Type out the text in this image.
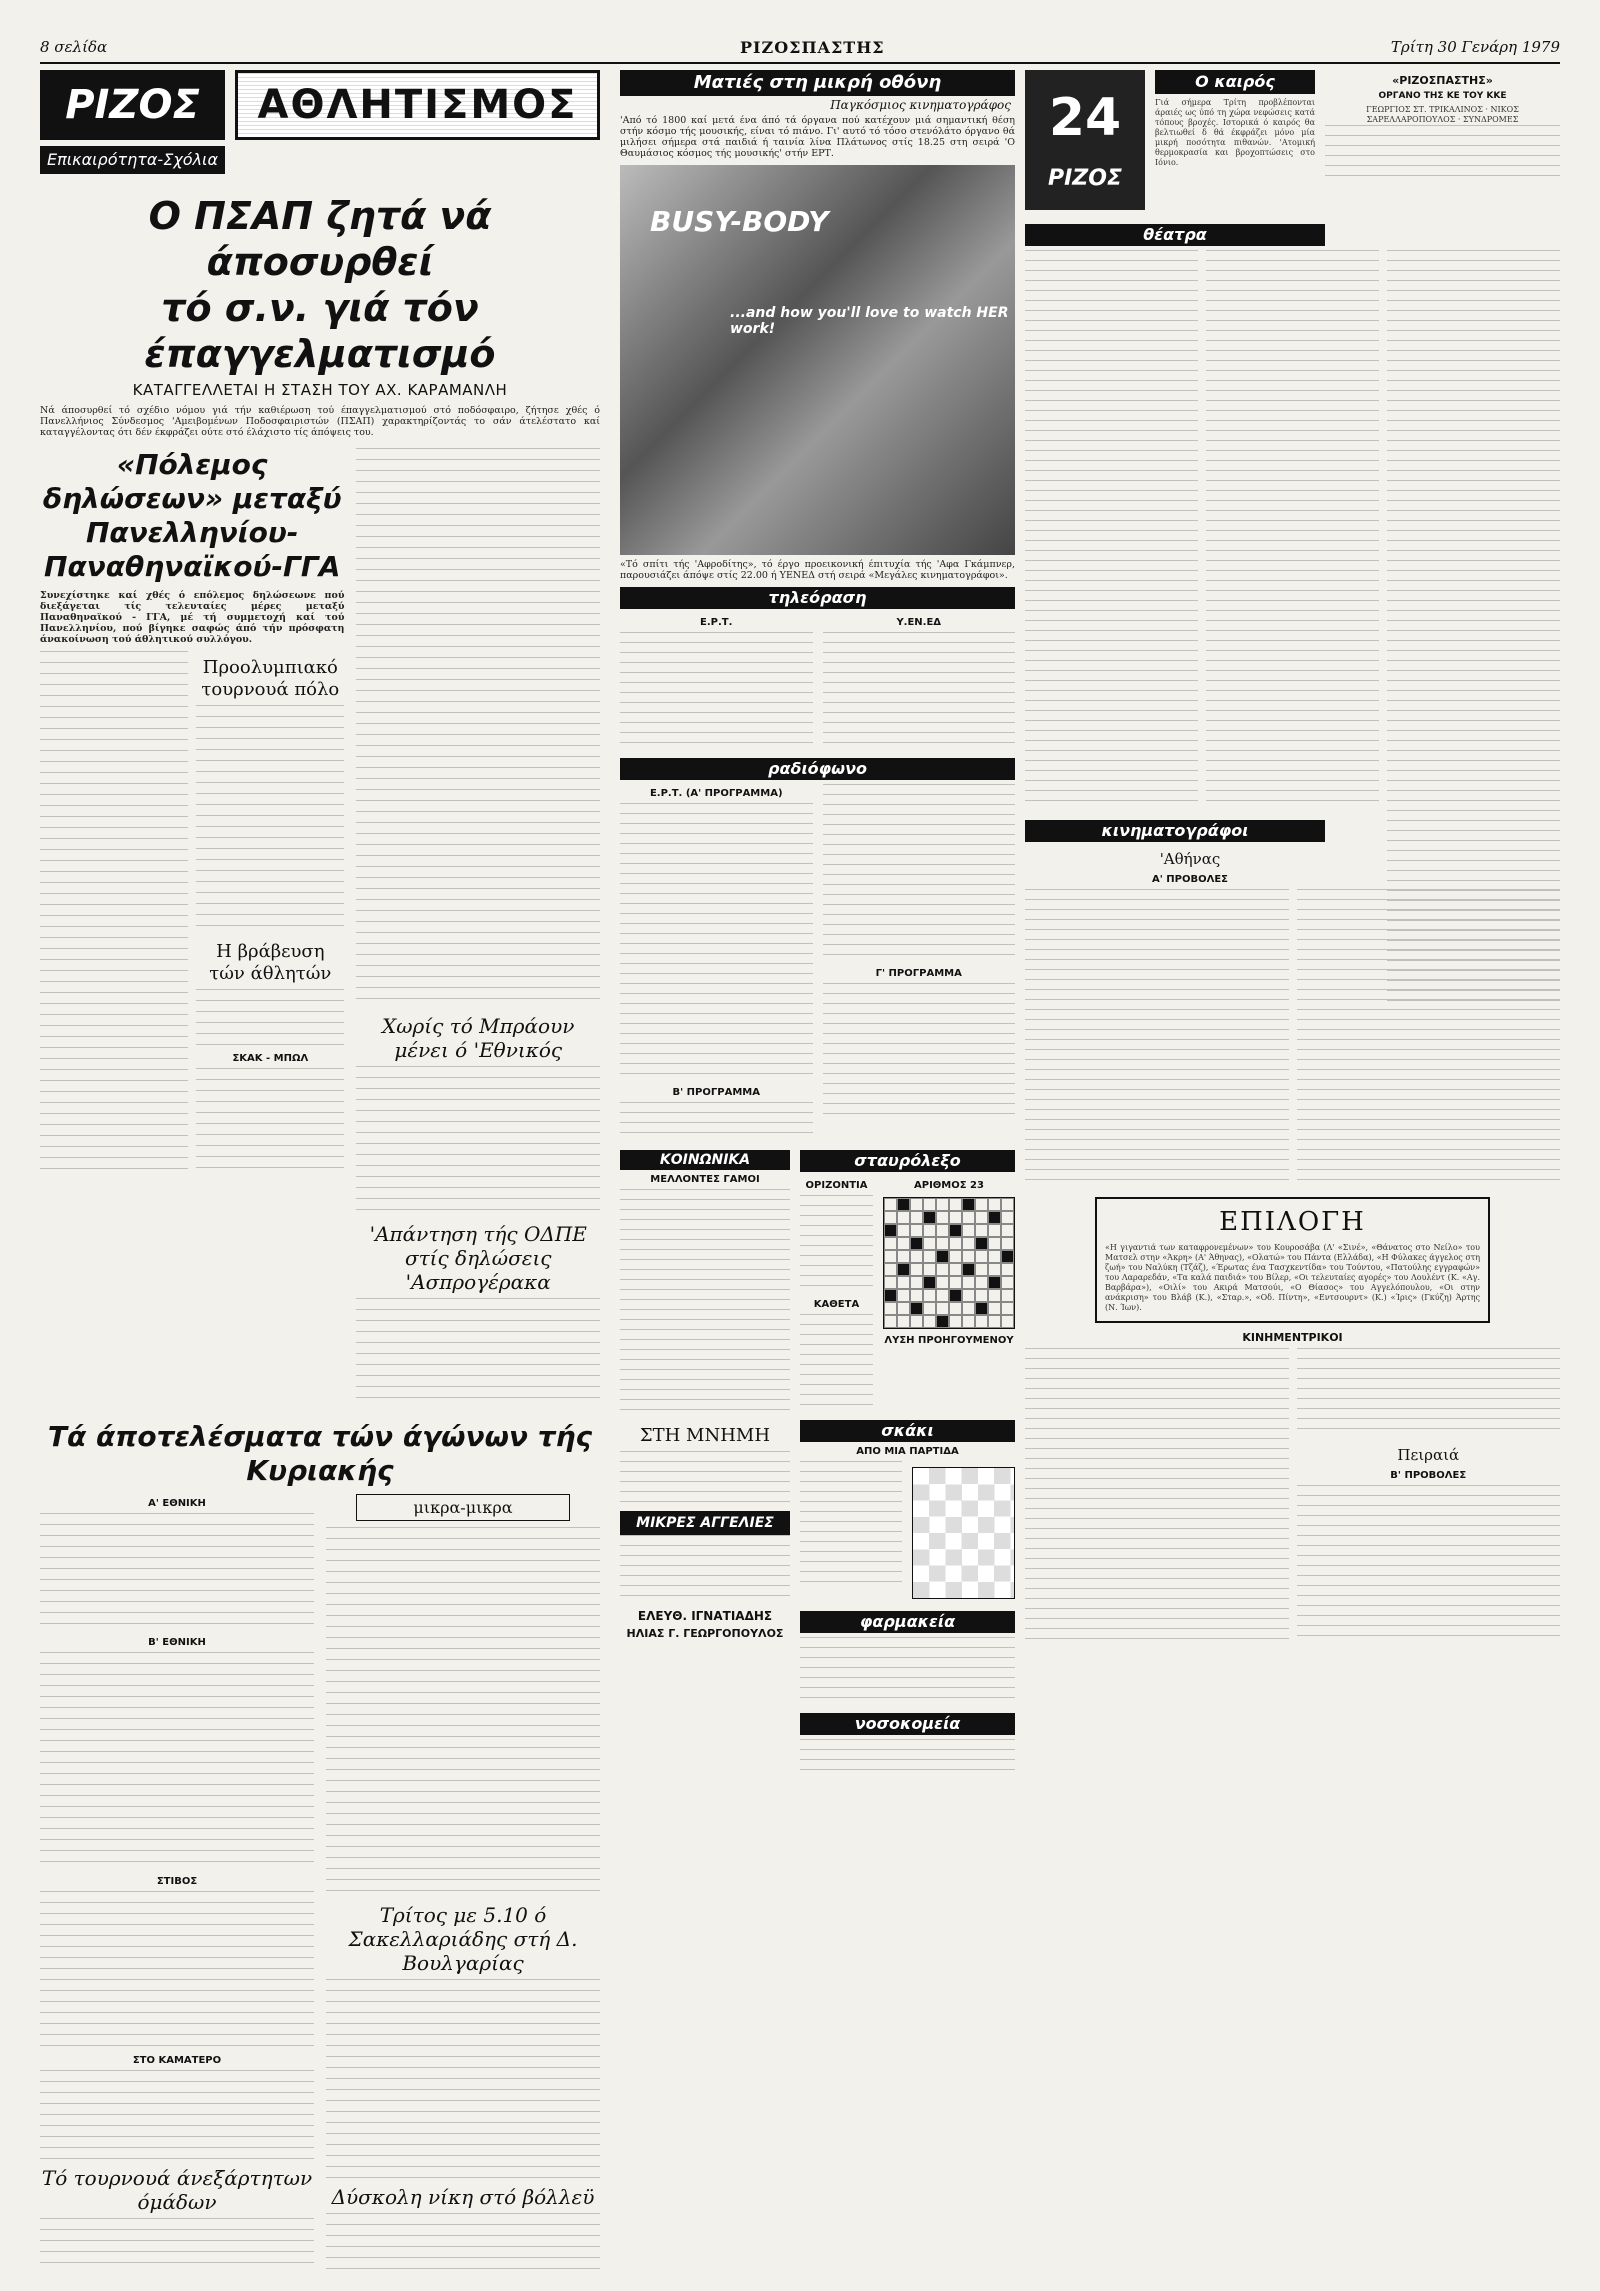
8 σελίδα	ΡΙΖΟΣΠΑΣΤΗΣ	Τρίτη 30 Γενάρη 1979
ΡΙΖΟΣ	ΑΘΛΗΤΙΣΜΟΣ
Επικαιρότητα-Σχόλια
Ο ΠΣΑΠ ζητά νά άποσυρθεί
τό σ.ν. γιά τόν έπαγγελματισμό
ΚΑΤΑΓΓΕΛΛΕΤΑΙ Η ΣΤΑΣΗ ΤΟΥ ΑΧ. ΚΑΡΑΜΑΝΛΗ
Νά άποσυρθεί τό σχέδιο νόμου γιά τήν καθιέρωση τού έπαγγελματισμού στό ποδόσφαιρο, ζήτησε χθές ό Πανελλήνιος Σύνδεσμος 'Αμειβομένων Ποδοσφαιριστών (ΠΣΑΠ) χαρακτηρίζοντάς το σάν άτελέστατο καί καταγγέλοντας ότι δέν έκφράζει ούτε στό έλάχιστο τίς άπόψεις του.
«Πόλεμος δηλώσεων» μεταξύ Πανελληνίου-Παναθηναϊκού-ΓΓΑ
Συνεχίστηκε καί χθές ό επόλεμος δηλώσεωνε πού διεξάγεται τίς τελευταίες μέρες μεταξύ Παναθηναϊκού - ΓΓΑ, μέ τή συμμετοχή καί τού Πανελληνίου, πού βίγηκε σαφώς άπό τήν πρόσφατη άνακοίνωση τού άθλητικού συλλόγου.
Προολυμπιακό τουρνουά πόλο
Η βράβευση τών άθλητών
ΣΚΑΚ - ΜΠΩΛ
Χωρίς τό Μπράουν μένει ό 'Εθνικός
'Απάντηση τής ΟΔΠΕ στίς δηλώσεις 'Ασπρογέρακα
Τά άποτελέσματα τών άγώνων τής Κυριακής
Α' ΕΘΝΙΚΗ
Β' ΕΘΝΙΚΗ
ΣΤΙΒΟΣ
ΣΤΟ ΚΑΜΑΤΕΡΟ
Τό τουρνουά άνεξάρτητων όμάδων
μικρα-μικρα
Τρίτος με 5.10 ό Σακελλαριάδης στή Δ. Βουλγαρίας
Δύσκολη νίκη στό βόλλεϋ
Ματιές στη μικρή οθόνη
Παγκόσμιος κινηματογράφος
'Από τό 1800 καί μετά ένα άπό τά όργανα πού κατέχουν μιά σημαντική θέση στήν κόσμο τής μουσικής, είναι τό πιάνο. Γι' αυτό τό τόσο στενόλάτο όργανο θά μιλήσει σήμερα στά παιδιά ή ταινία λίνα Πλάτωνος στίς 18.25 στη σειρά 'Ο Θαυμάσιος κόσμος τής μουσικής' στήν ΕΡΤ.
BUSY-BODY
...and how you'll love to watch HER work!
«Τό σπίτι τής 'Αφροδίτης», τό έργο προεικονική έπιτυχία τής 'Αφα Γκάμπνερ, παρουσιάζει άπόψε στίς 22.00 ή ΥΕΝΕΔ στή σειρά «Μεγάλες κινηματογράφοι».
τηλεόραση
Ε.Ρ.Τ.	Υ.ΕΝ.ΕΔ
ραδιόφωνο
Ε.Ρ.Τ. (Α' ΠΡΟΓΡΑΜΜΑ)
Β' ΠΡΟΓΡΑΜΜΑ
Γ' ΠΡΟΓΡΑΜΜΑ
ΚΟΙΝΩΝΙΚΑ
ΜΕΛΛΟΝΤΕΣ ΓΑΜΟΙ
ΣΤΗ ΜΝΗΜΗ
ΜΙΚΡΕΣ ΑΓΓΕΛΙΕΣ
ΕΛΕΥΘ. ΙΓΝΑΤΙΑΔΗΣ
ΗΛΙΑΣ Γ. ΓΕΩΡΓΟΠΟΥΛΟΣ
σταυρόλεξο
ΟΡΙΖΟΝΤΙΑ
ΚΑΘΕΤΑ
ΑΡΙΘΜΟΣ 23
ΛΥΣΗ ΠΡΟΗΓΟΥΜΕΝΟΥ
σκάκι
ΑΠΟ ΜΙΑ ΠΑΡΤΙΔΑ
φαρμακεία
νοσοκομεία
24
ΡΙΖΟΣ
Ο καιρός
Γιά σήμερα Τρίτη προβλέπονται άραιές ως ύπό τη χώρα νεφώσεις κατά τόπους βροχές. Ιστορικά ό καιρός θα βελτιωθεί δ θά έκφράζει μόνο μία μικρή ποσότητα πιθανών. 'Ατομική θερμοκρασία και βροχοπτώσεις στο Ιόνιο.
«ΡΙΖΟΣΠΑΣΤΗΣ»
ΟΡΓΑΝΟ ΤΗΣ ΚΕ ΤΟΥ ΚΚΕ
ΓΕΩΡΓΙΟΣ ΣΤ. ΤΡΙΚΑΛΙΝΟΣ · ΝΙΚΟΣ ΣΑΡΕΛΛΑΡΟΠΟΥΛΟΣ · ΣΥΝΔΡΟΜΕΣ
θέατρα
κινηματογράφοι
'Αθήνας
Α' ΠΡΟΒΟΛΕΣ
ΕΠΙΛΟΓΗ
«Η γιγαντιά των καταφρονεμένων» του Κουροσάβα (Λ' «Σινέ», «Θάνατος στο Νείλο» του Ματσελ στην «Άκρη» (Α' Άθηνας), «Ολατώ» του Πάντα (Ελλάδα), «Η Φύλακες άγγελος στη ζωή» του Ναλύκη (Τζάζ), «Έρωτας ένα Τασχκεντίδα» του Τούντου, «Πατούλης εγγραφών» του Λαραρεδάν, «Τα καλά παιδιά» του Βίλερ, «Οι τελευταίες αγορές» του Λουλέντ (Κ. «Αγ. Βαρβάρα»), «Οιλί» του Ακιρά Ματσούι, «Ο Θίασος» του Αγγελόπουλου, «Οι στην ανάκριση» του Βλάβ (Κ.), «Σταρ.», «Οδ. Πίντη», «Εντσουρντ» (Κ.) «Ίρις» (Γκύζη) Άρτης (Ν. Ίων).
ΚΙΝΗΜΕΝΤΡΙΚΟΙ
Πειραιά
Β' ΠΡΟΒΟΛΕΣ
